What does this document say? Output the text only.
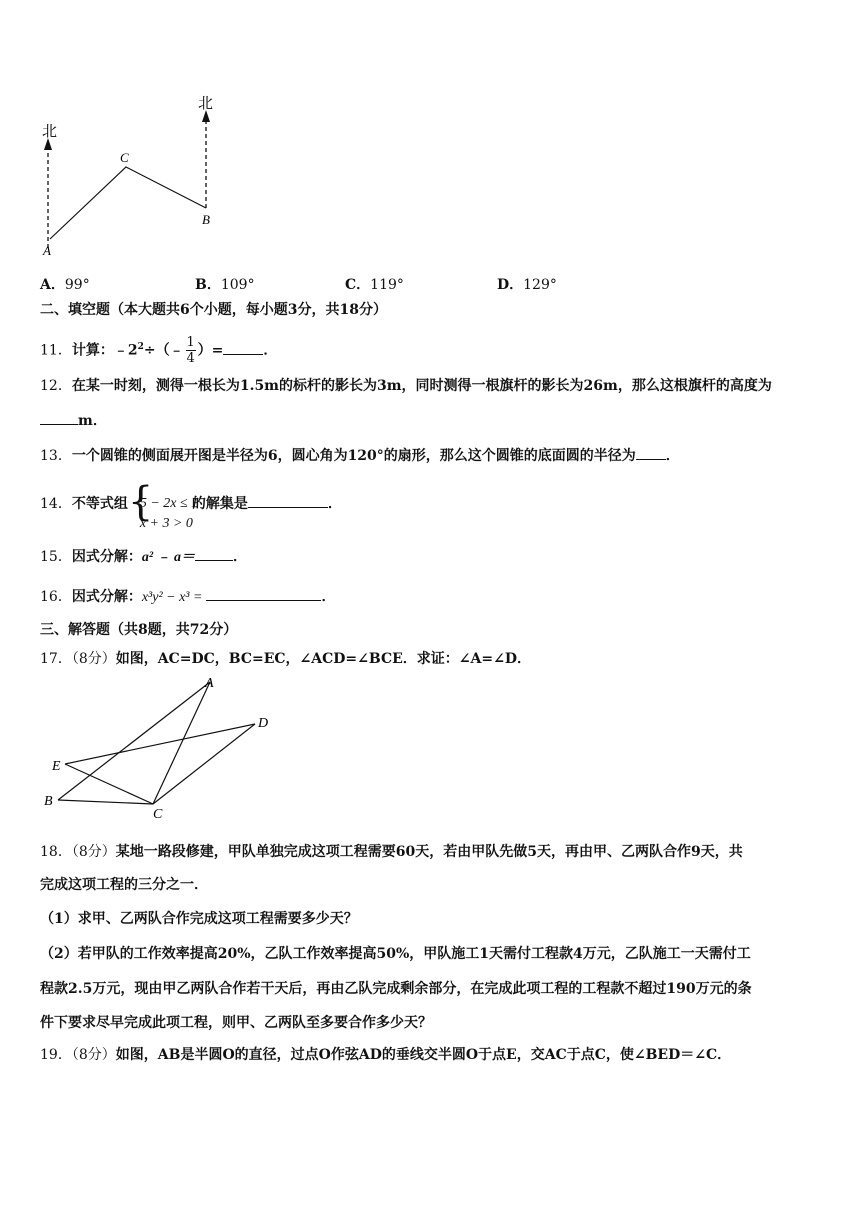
北
北
A
C
B
A．99°	B．109°	C．119°	D．129°
二、填空题（本大题共6个小题，每小题3分，共18分）
11．计算：$﹣2^2\div(﹣ \frac{1}{4}$ ）=	．
12．在某一时刻，测得一根长为1.5m的标杆的影长为3m，同时测得一根旗杆的影长为26m，那么这根旗杆的高度为
m．
13．一个圆锥的侧面展开图是半径为6，圆心角为120°的扇形，那么这个圆锥的底面圆的半径为 ．
14．不等式组 {
5 − 2x ≤ 1
x + 3 > 0
的解集是	．
15．因式分解：a² ﹣ a＝	．
16．因式分解：x³y² − x³ =	．
三、解答题（共8题，共72分）
17．（8分）如图，AC=DC，BC=EC，∠ACD=∠BCE．求证：∠A=∠D．
A
D
E
B
C
18．（8分）某地一路段修建，甲队单独完成这项工程需要60天，若由甲队先做5天，再由甲、乙两队合作9天，共
完成这项工程的三分之一．
（1）求甲、乙两队合作完成这项工程需要多少天？
（2）若甲队的工作效率提高20%，乙队工作效率提高50%，甲队施工1天需付工程款4万元，乙队施工一天需付工
程款2.5万元，现由甲乙两队合作若干天后，再由乙队完成剩余部分，在完成此项工程的工程款不超过190万元的条
件下要求尽早完成此项工程，则甲、乙两队至多要合作多少天？
19．（8分）如图，AB是半圆O的直径，过点O作弦AD的垂线交半圆O于点E，交AC于点C，使∠BED＝∠C．
